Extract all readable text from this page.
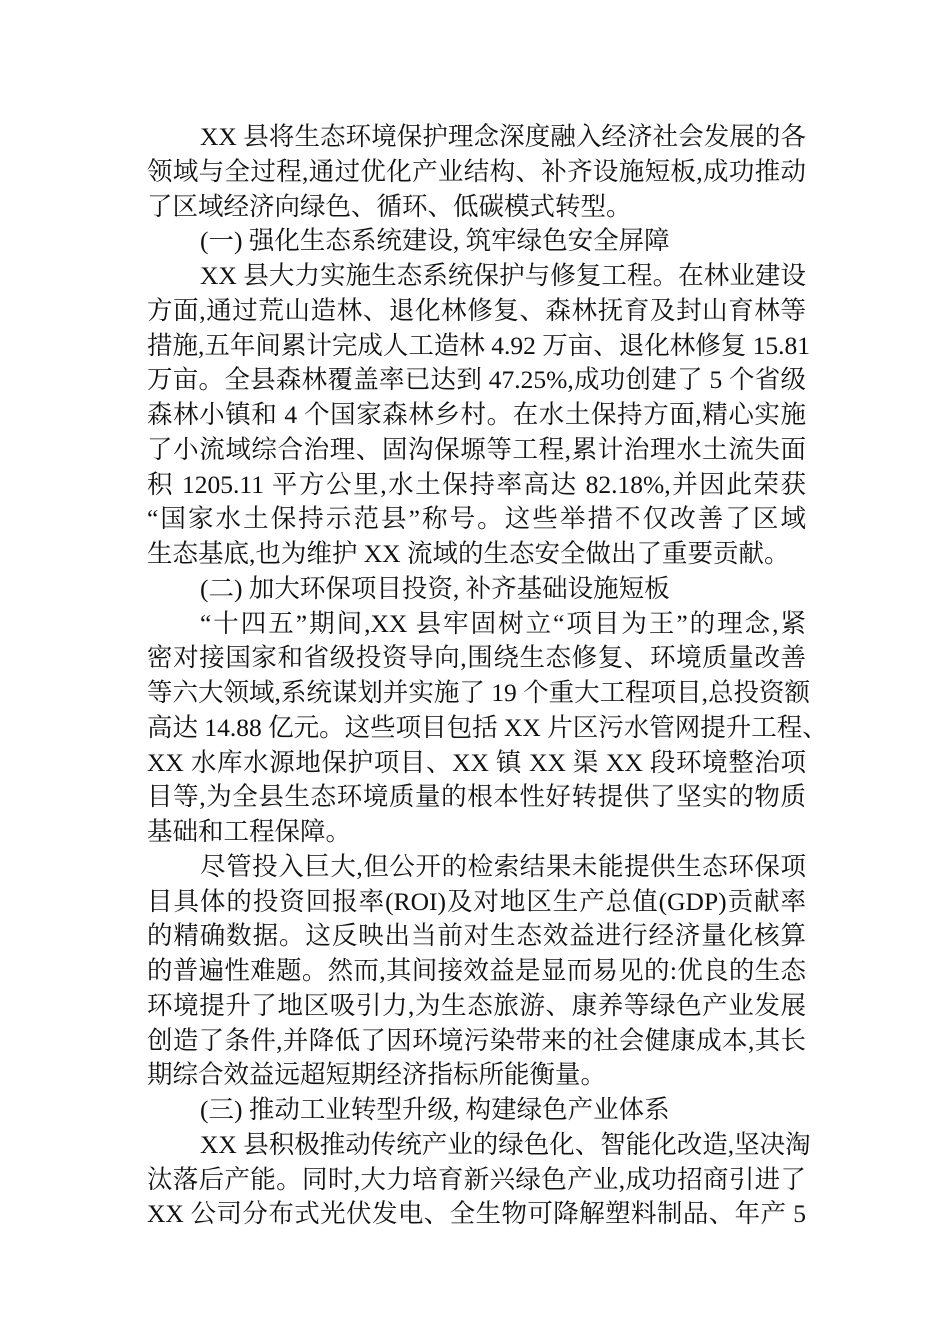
XX 县将生态环境保护理念深度融入经济社会发展的各
领域与全过程,通过优化产业结构、补齐设施短板,成功推动
了区域经济向绿色、循环、低碳模式转型。
(一) 强化生态系统建设, 筑牢绿色安全屏障
XX 县大力实施生态系统保护与修复工程。在林业建设
方面,通过荒山造林、退化林修复、森林抚育及封山育林等
措施,五年间累计完成人工造林 4.92 万亩、退化林修复 15.81
万亩。全县森林覆盖率已达到 47.25%,成功创建了 5 个省级
森林小镇和 4 个国家森林乡村。在水土保持方面,精心实施
了小流域综合治理、固沟保塬等工程,累计治理水土流失面
积 1205.11 平方公里,水土保持率高达 82.18%,并因此荣获
“国家水土保持示范县”称号。这些举措不仅改善了区域
生态基底,也为维护 XX 流域的生态安全做出了重要贡献。
(二) 加大环保项目投资, 补齐基础设施短板
“十四五”期间,XX 县牢固树立“项目为王”的理念,紧
密对接国家和省级投资导向,围绕生态修复、环境质量改善
等六大领域,系统谋划并实施了 19 个重大工程项目,总投资额
高达 14.88 亿元。这些项目包括 XX 片区污水管网提升工程、
XX 水库水源地保护项目、XX 镇 XX 渠 XX 段环境整治项
目等,为全县生态环境质量的根本性好转提供了坚实的物质
基础和工程保障。
尽管投入巨大,但公开的检索结果未能提供生态环保项
目具体的投资回报率(ROI)及对地区生产总值(GDP)贡献率
的精确数据。这反映出当前对生态效益进行经济量化核算
的普遍性难题。然而,其间接效益是显而易见的:优良的生态
环境提升了地区吸引力,为生态旅游、康养等绿色产业发展
创造了条件,并降低了因环境污染带来的社会健康成本,其长
期综合效益远超短期经济指标所能衡量。
(三) 推动工业转型升级, 构建绿色产业体系
XX 县积极推动传统产业的绿色化、智能化改造,坚决淘
汰落后产能。同时,大力培育新兴绿色产业,成功招商引进了
XX 公司分布式光伏发电、全生物可降解塑料制品、年产 5
